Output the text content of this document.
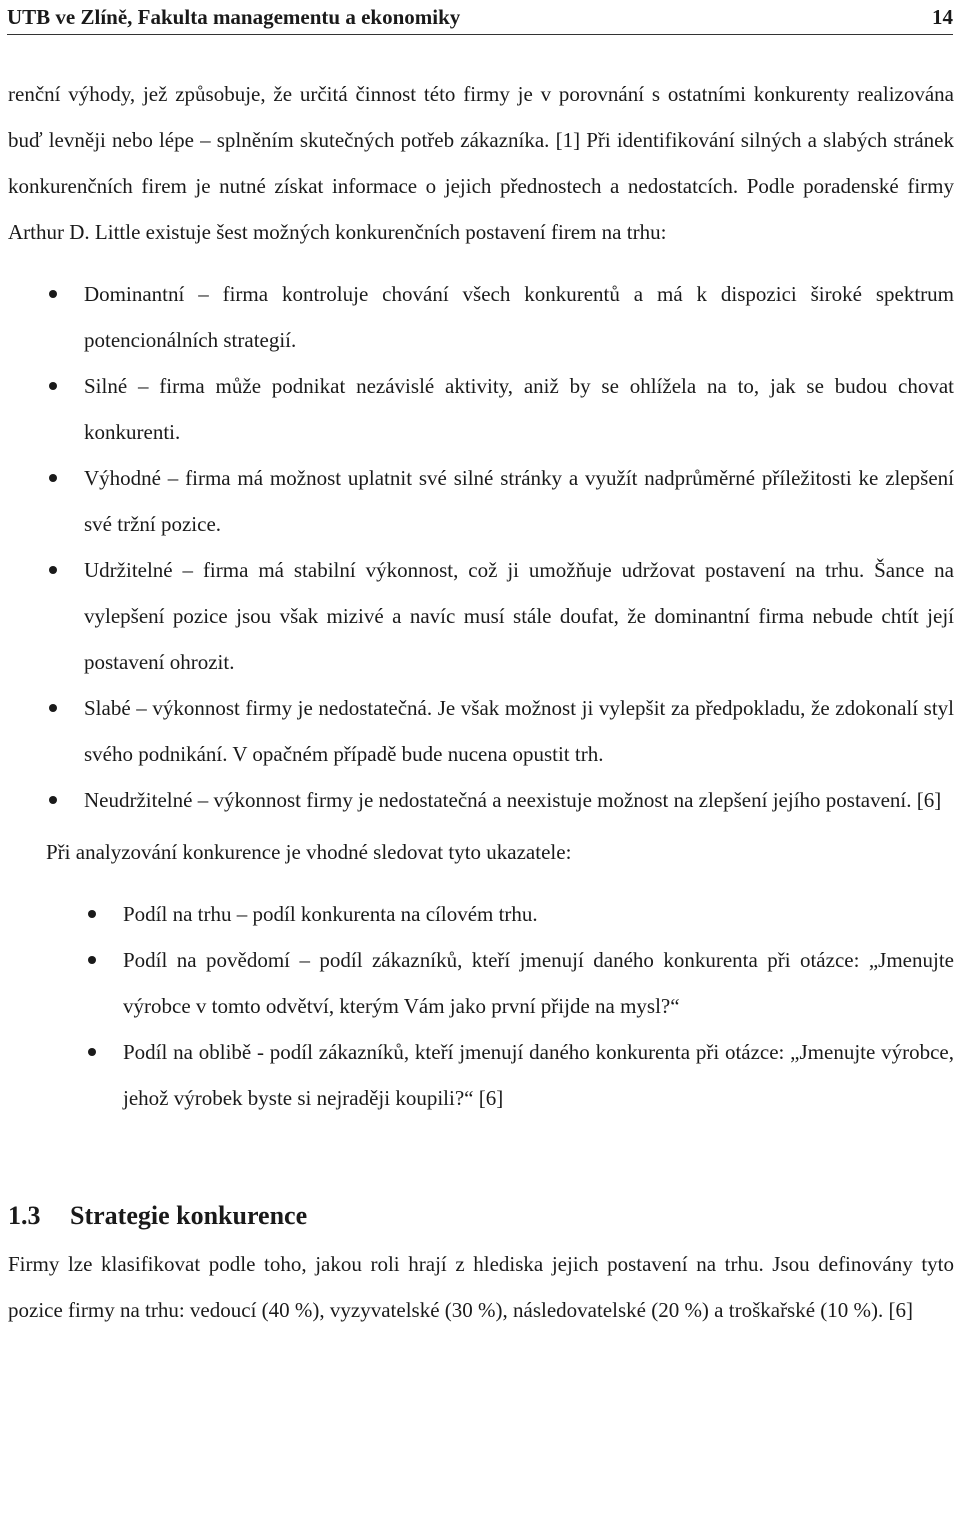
UTB ve Zlíně, Fakulta managementu a ekonomiky	14

renční výhody, jež způsobuje, že určitá činnost této firmy je v porovnání s ostatními konkurenty realizována buď levněji nebo lépe – splněním skutečných potřeb zákazníka. [1] Při identifikování silných a slabých stránek konkurenčních firem je nutné získat informace o jejich přednostech a nedostatcích. Podle poradenské firmy Arthur D. Little existuje šest možných konkurenčních postavení firem na trhu:

Dominantní – firma kontroluje chování všech konkurentů a má k dispozici široké spektrum potencionálních strategií.
Silné – firma může podnikat nezávislé aktivity, aniž by se ohlížela na to, jak se budou chovat konkurenti.
Výhodné – firma má možnost uplatnit své silné stránky a využít nadprůměrné příležitosti ke zlepšení své tržní pozice.
Udržitelné – firma má stabilní výkonnost, což ji umožňuje udržovat postavení na trhu. Šance na vylepšení pozice jsou však mizivé a navíc musí stále doufat, že dominantní firma nebude chtít její postavení ohrozit.
Slabé – výkonnost firmy je nedostatečná. Je však možnost ji vylepšit za předpokladu, že zdokonalí styl svého podnikání. V opačném případě bude nucena opustit trh.
Neudržitelné – výkonnost firmy je nedostatečná a neexistuje možnost na zlepšení jejího postavení. [6]

Při analyzování konkurence je vhodné sledovat tyto ukazatele:

Podíl na trhu – podíl konkurenta na cílovém trhu.
Podíl na povědomí – podíl zákazníků, kteří jmenují daného konkurenta při otázce: „Jmenujte výrobce v tomto odvětví, kterým Vám jako první přijde na mysl?“
Podíl na oblibě - podíl zákazníků, kteří jmenují daného konkurenta při otázce: „Jmenujte výrobce, jehož výrobek byste si nejraději koupili?“ [6]
1.3	Strategie konkurence

Firmy lze klasifikovat podle toho, jakou roli hrají z hlediska jejich postavení na trhu. Jsou definovány tyto pozice firmy na trhu: vedoucí (40 %), vyzyvatelské (30 %), následovatelské (20 %) a troškařské (10 %). [6]
